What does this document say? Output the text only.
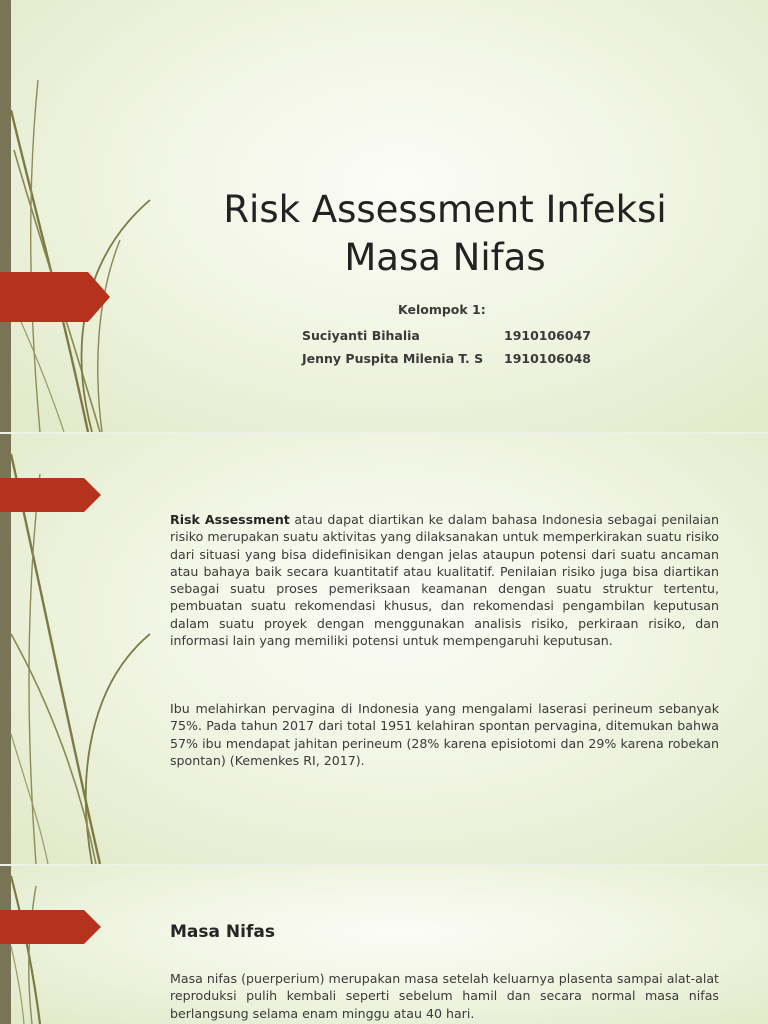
Risk Assessment Infeksi
Masa Nifas
Kelompok 1:
Suciyanti Bihalia	1910106047
Jenny Puspita Milenia T. S 1910106048

Risk Assessment atau dapat diartikan ke dalam bahasa Indonesia sebagai penilaian risiko merupakan suatu aktivitas yang dilaksanakan untuk memperkirakan suatu risiko dari situasi yang bisa didefinisikan dengan jelas ataupun potensi dari suatu ancaman atau bahaya baik secara kuantitatif atau kualitatif. Penilaian risiko juga bisa diartikan sebagai suatu proses pemeriksaan keamanan dengan suatu struktur tertentu, pembuatan suatu rekomendasi khusus, dan rekomendasi pengambilan keputusan dalam suatu proyek dengan menggunakan analisis risiko, perkiraan risiko, dan informasi lain yang memiliki potensi untuk mempengaruhi keputusan.

Ibu melahirkan pervagina di Indonesia yang mengalami laserasi perineum sebanyak 75%. Pada tahun 2017 dari total 1951 kelahiran spontan pervagina, ditemukan bahwa 57% ibu mendapat jahitan perineum (28% karena episiotomi dan 29% karena robekan spontan) (Kemenkes RI, 2017).

Masa Nifas

Masa nifas (puerperium) merupakan masa setelah keluarnya plasenta sampai alat-alat reproduksi pulih kembali seperti sebelum hamil dan secara normal masa nifas berlangsung selama enam minggu atau 40 hari.
